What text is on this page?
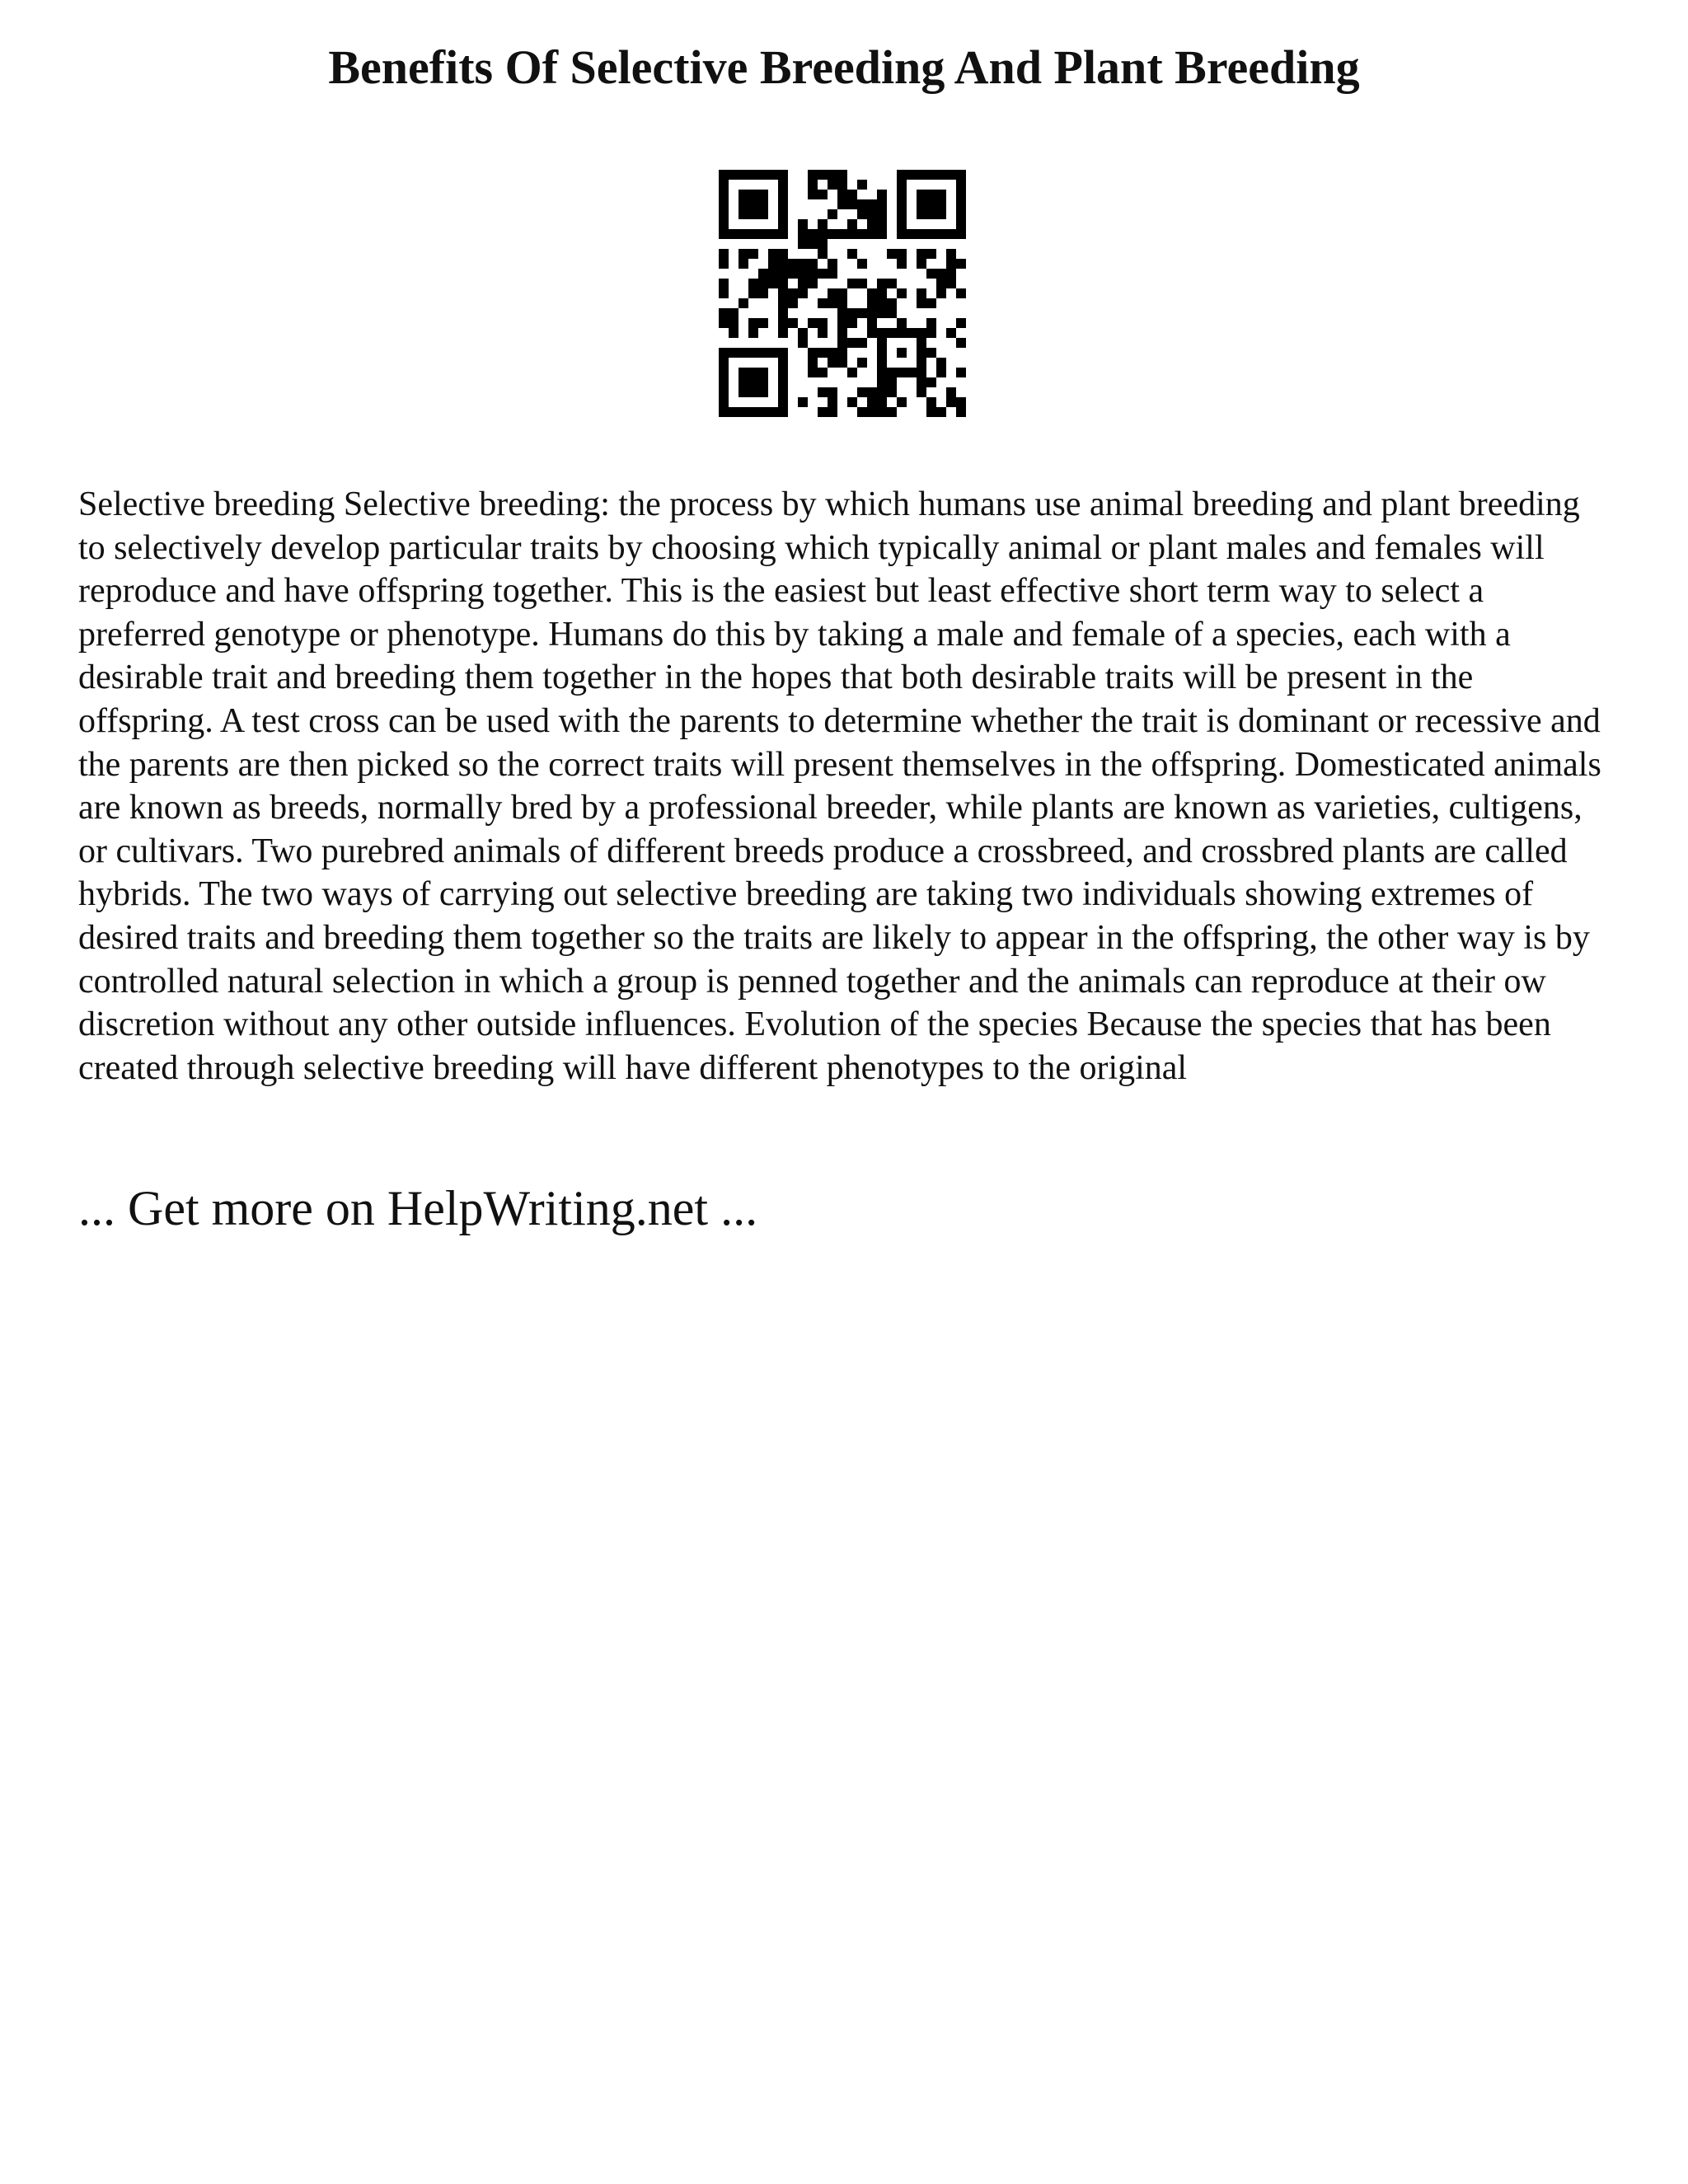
Benefits Of Selective Breeding And Plant Breeding

Selective breeding Selective breeding: the process by which humans use animal breeding and plant breeding to selectively develop particular traits by choosing which typically animal or plant males and females will reproduce and have offspring together. This is the easiest but least effective short term way to select a preferred genotype or phenotype. Humans do this by taking a male and female of a species, each with a desirable trait and breeding them together in the hopes that both desirable traits will be present in the offspring. A test cross can be used with the parents to determine whether the trait is dominant or recessive and the parents are then picked so the correct traits will present themselves in the offspring. Domesticated animals are known as breeds, normally bred by a professional breeder, while plants are known as varieties, cultigens, or cultivars. Two purebred animals of different breeds produce a crossbreed, and crossbred plants are called hybrids. The two ways of carrying out selective breeding are taking two individuals showing extremes of desired traits and breeding them together so the traits are likely to appear in the offspring, the other way is by controlled natural selection in which a group is penned together and the animals can reproduce at their ow discretion without any other outside influences. Evolution of the species Because the species that has been created through selective breeding will have different phenotypes to the original

... Get more on HelpWriting.net ...
